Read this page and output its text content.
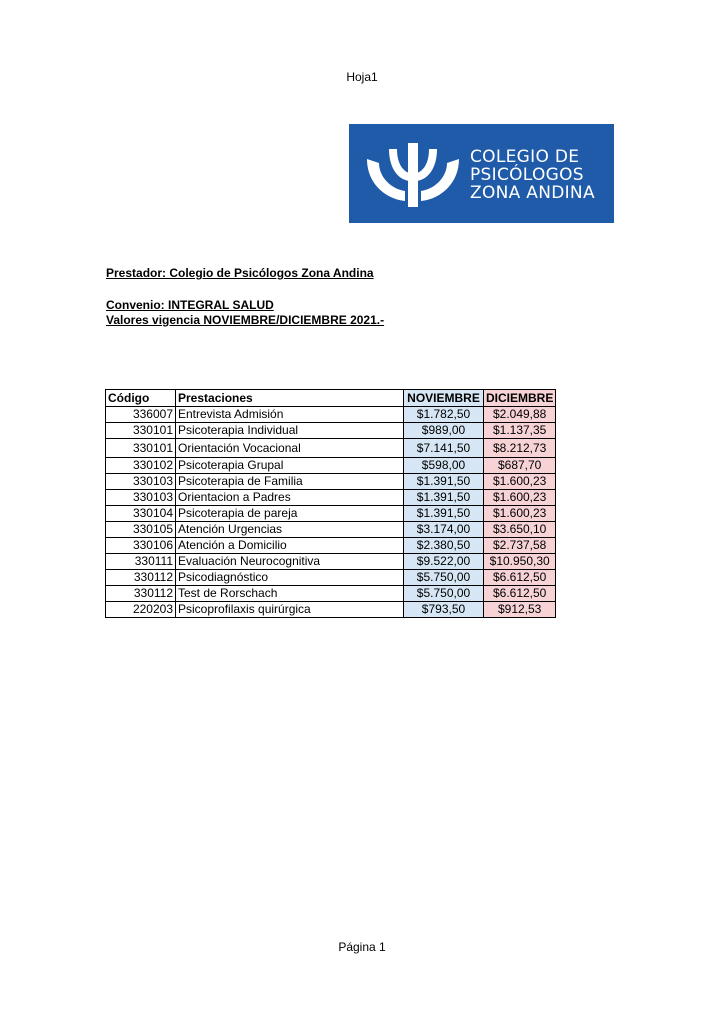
Hoja1
COLEGIO DE
PSICÓLOGOS
ZONA ANDINA
Prestador: Colegio de Psicólogos Zona Andina
Convenio: INTEGRAL SALUD
Valores vigencia NOVIEMBRE/DICIEMBRE 2021.-
Código	Prestaciones	NOVIEMBRE	DICIEMBRE
336007	Entrevista Admisión	$1.782,50	$2.049,88
330101	Psicoterapia Individual	$989,00	$1.137,35
330101	Orientación Vocacional	$7.141,50	$8.212,73
330102	Psicoterapia Grupal	$598,00	$687,70
330103	Psicoterapia de Familia	$1.391,50	$1.600,23
330103	Orientacion a Padres	$1.391,50	$1.600,23
330104	Psicoterapia de pareja	$1.391,50	$1.600,23
330105	Atención Urgencias	$3.174,00	$3.650,10
330106	Atención a Domicilio	$2.380,50	$2.737,58
330111	Evaluación Neurocognitiva	$9.522,00	$10.950,30
330112	Psicodiagnóstico	$5.750,00	$6.612,50
330112	Test de Rorschach	$5.750,00	$6.612,50
220203	Psicoprofilaxis quirúrgica	$793,50	$912,53
Página 1
